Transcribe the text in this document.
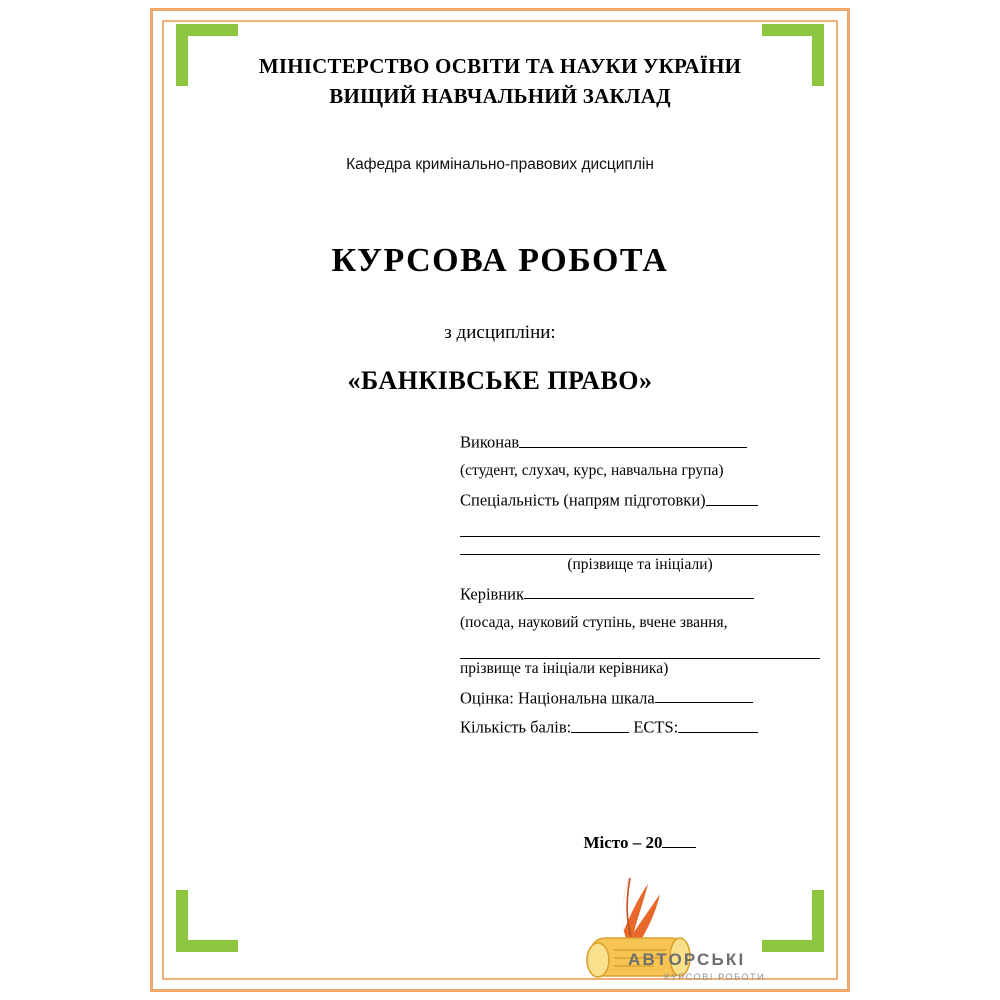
МІНІСТЕРСТВО ОСВІТИ ТА НАУКИ УКРАЇНИ
ВИЩИЙ НАВЧАЛЬНИЙ ЗАКЛАД
Кафедра кримінально-правових дисциплін
КУРСОВА РОБОТА
з дисципліни:
«БАНКІВСЬКЕ ПРАВО»
Виконав
(студент, слухач, курс, навчальна група)
Спеціальність (напрям підготовки)
(прізвище та ініціали)
Керівник
(посада, науковий ступінь, вчене звання,
прізвище та ініціали керівника)
Оцінка: Національна шкала
Кількість балів:	ECTS:
Місто – 20
АВТОРСЬКІ
КУРСОВІ РОБОТИ
